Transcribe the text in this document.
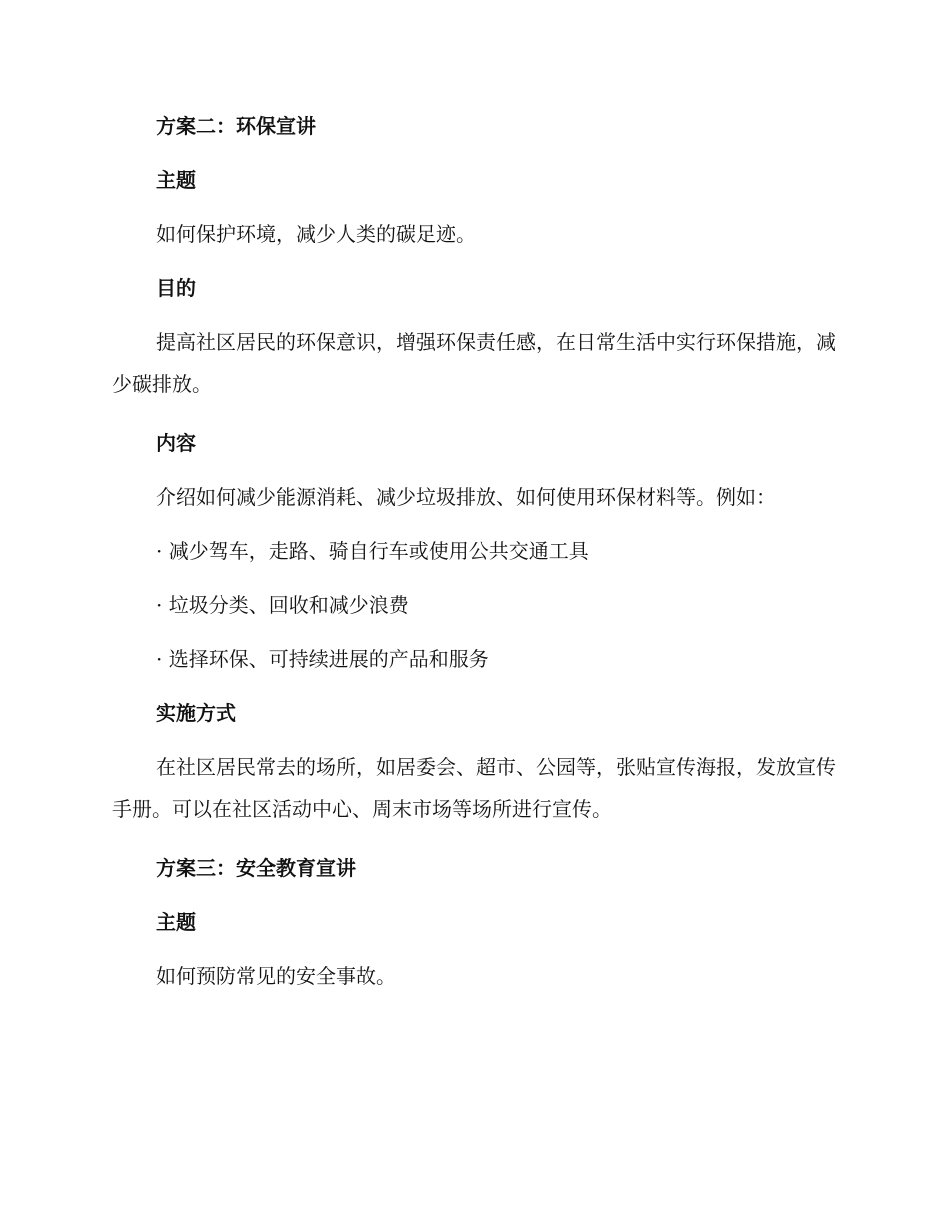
方案二：环保宣讲

主题

如何保护环境，减少人类的碳足迹。

目的

提高社区居民的环保意识，增强环保责任感，在日常生活中实行环保措施，减少碳排放。

内容

介绍如何减少能源消耗、减少垃圾排放、如何使用环保材料等。例如：

· 减少驾车，走路、骑自行车或使用公共交通工具

· 垃圾分类、回收和减少浪费

· 选择环保、可持续进展的产品和服务

实施方式

在社区居民常去的场所，如居委会、超市、公园等，张贴宣传海报，发放宣传手册。可以在社区活动中心、周末市场等场所进行宣传。

方案三：安全教育宣讲

主题

如何预防常见的安全事故。
